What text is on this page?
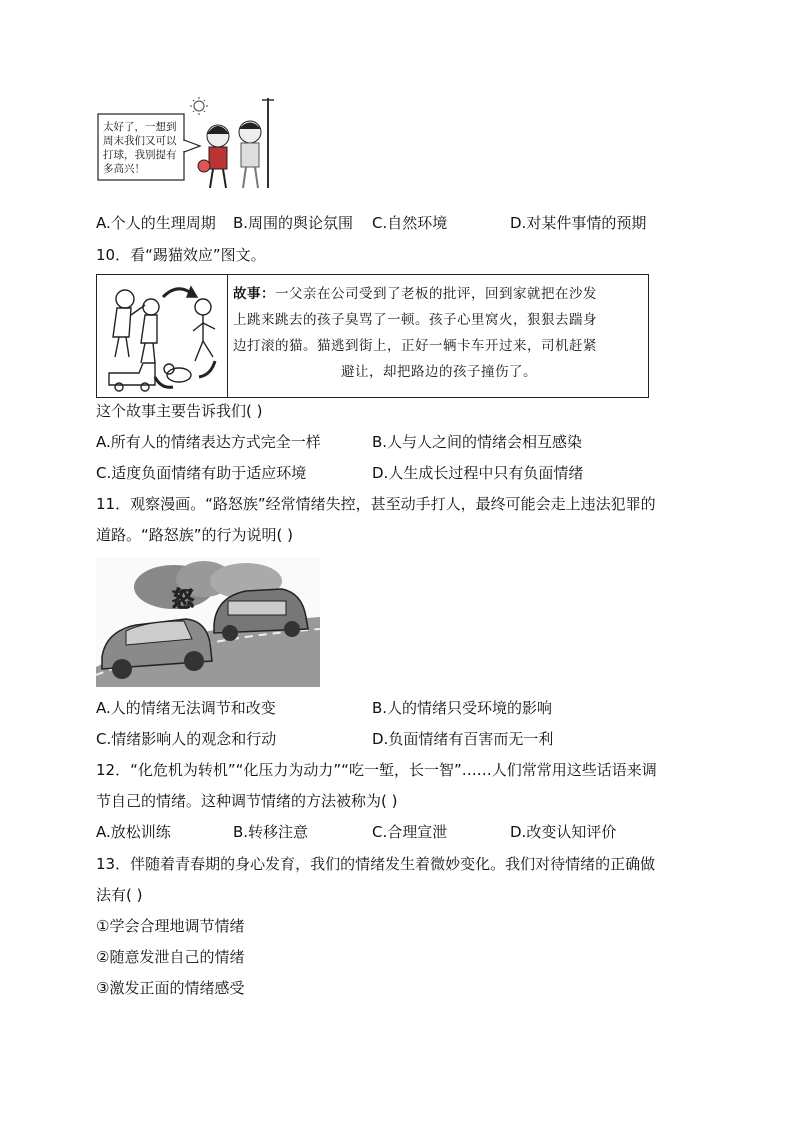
太好了，一想到周末我们又可以打球，我别提有多高兴！
A.个人的生理周期 B.周围的舆论氛围 C.自然环境	D.对某件事情的预期
10．看“踢猫效应”图文。
故事：一父亲在公司受到了老板的批评，回到家就把在沙发
上跳来跳去的孩子臭骂了一顿。孩子心里窝火，狠狠去踹身
边打滚的猫。猫逃到街上，正好一辆卡车开过来，司机赶紧

避让，却把路边的孩子撞伤了。
这个故事主要告诉我们( )
A.所有人的情绪表达方式完全一样	B.人与人之间的情绪会相互感染
C.适度负面情绪有助于适应环境	D.人生成长过程中只有负面情绪
11．观察漫画。“路怒族”经常情绪失控，甚至动手打人，最终可能会走上违法犯罪的
道路。“路怒族”的行为说明( )
怒
A.人的情绪无法调节和改变	B.人的情绪只受环境的影响
C.情绪影响人的观念和行动	D.负面情绪有百害而无一利
12．“化危机为转机”“化压力为动力”“吃一堑，长一智”……人们常常用这些话语来调
节自己的情绪。这种调节情绪的方法被称为( )
A.放松训练	B.转移注意	C.合理宣泄	D.改变认知评价
13．伴随着青春期的身心发育，我们的情绪发生着微妙变化。我们对待情绪的正确做
法有( )
①学会合理地调节情绪
②随意发泄自己的情绪
③激发正面的情绪感受
